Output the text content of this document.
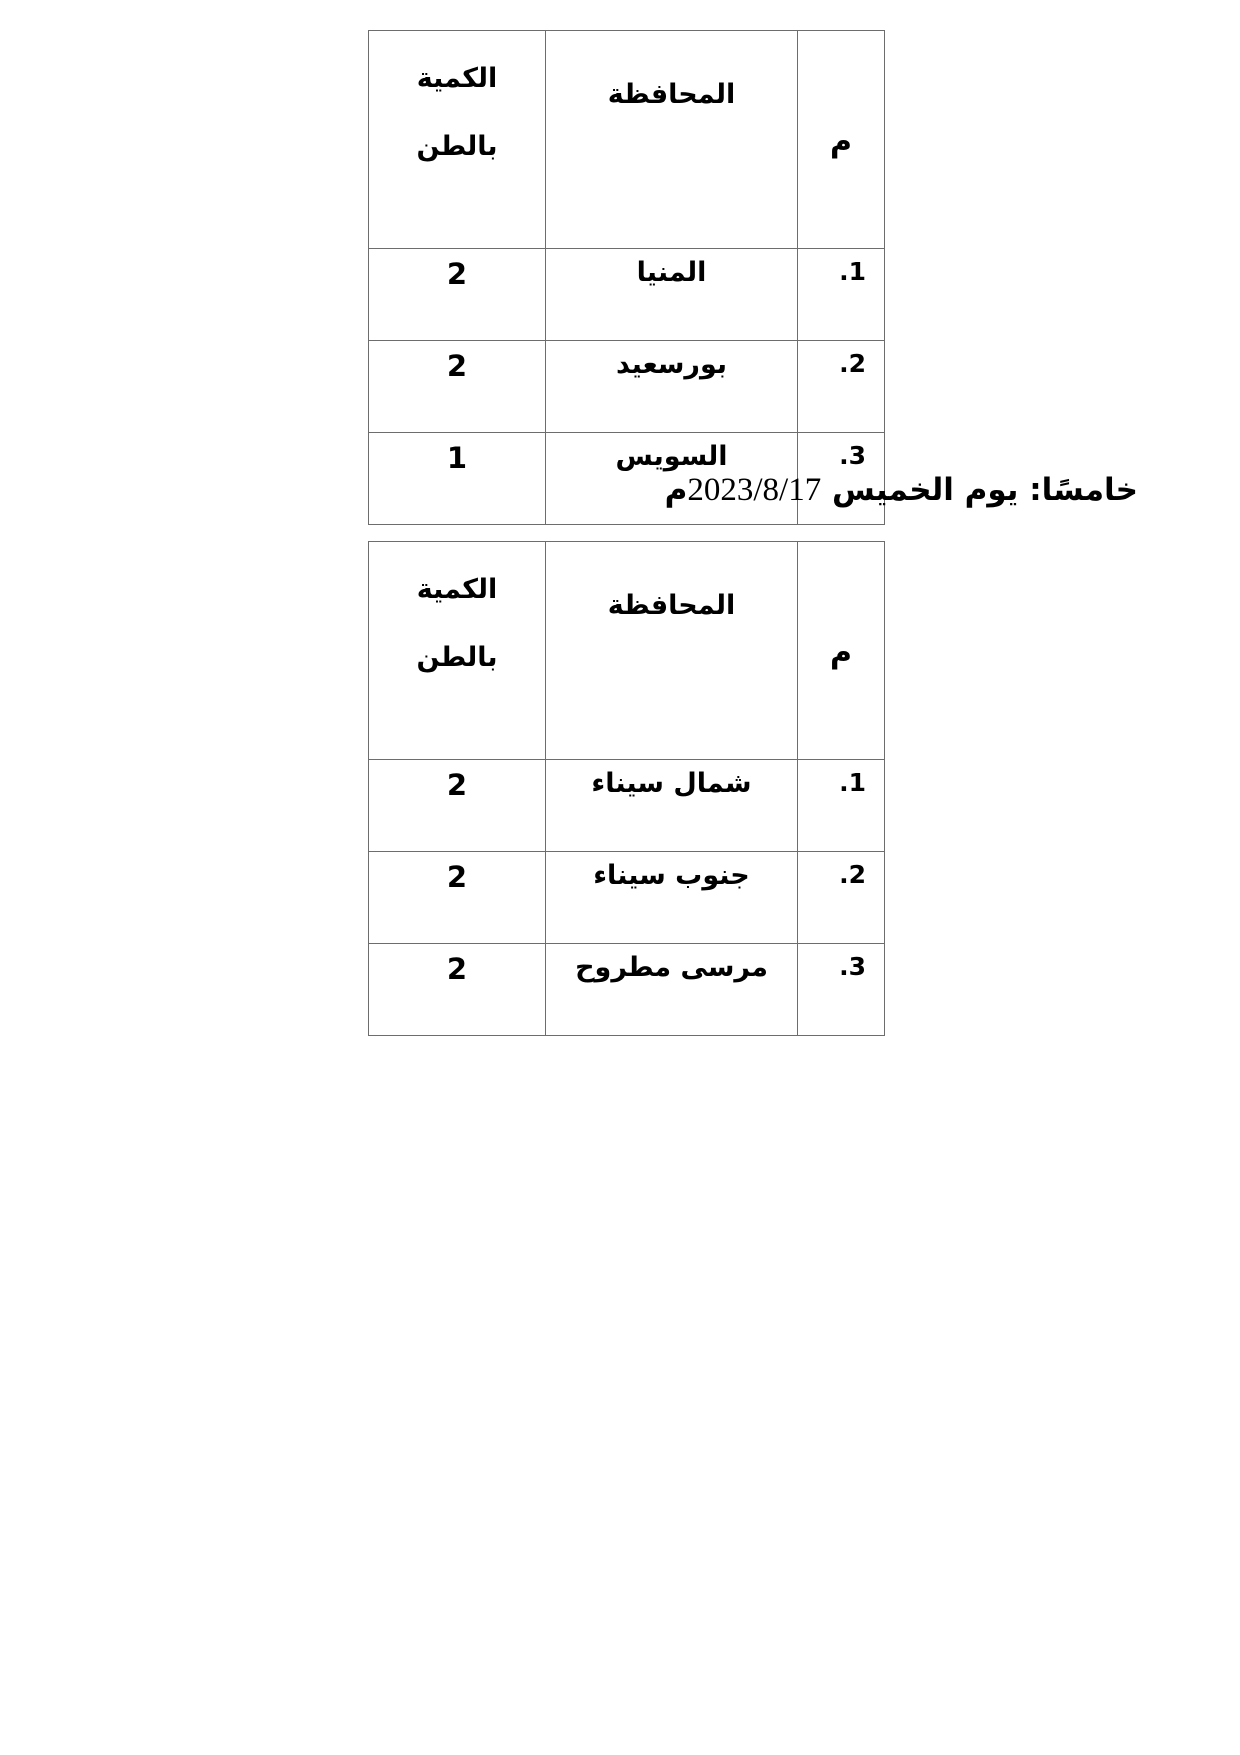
م	المحافظة	الكمية
بالطن

1.	المنيا	2
2.	بورسعيد	2
3.	السويس	1
خامسًا: يوم الخميس 2023/8/17م
م	المحافظة	الكمية
بالطن

1.	شمال سيناء	2
2.	جنوب سيناء	2
3.	مرسى مطروح	2
